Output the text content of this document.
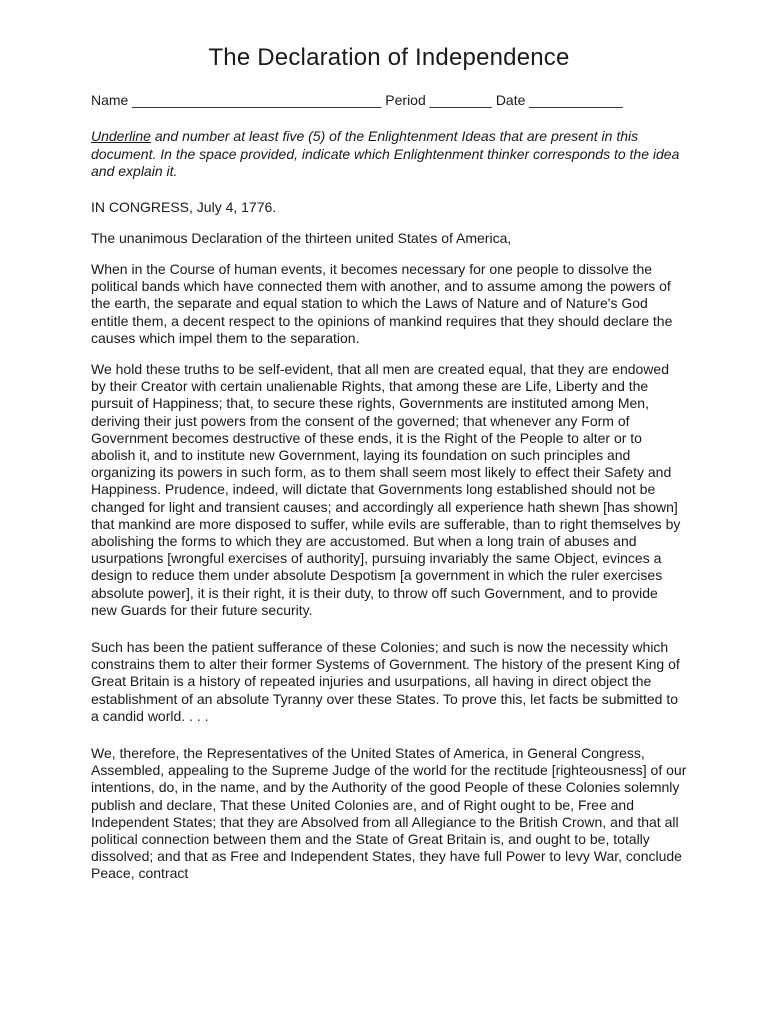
The Declaration of Independence
Name ________________________________ Period ________ Date ____________
Underline and number at least five (5) of the Enlightenment Ideas that are present in this document. In the space provided, indicate which Enlightenment thinker corresponds to the idea and explain it.

IN CONGRESS, July 4, 1776.

The unanimous Declaration of the thirteen united States of America,

When in the Course of human events, it becomes necessary for one people to dissolve the political bands which have connected them with another, and to assume among the powers of the earth, the separate and equal station to which the Laws of Nature and of Nature's God entitle them, a decent respect to the opinions of mankind requires that they should declare the causes which impel them to the separation.

We hold these truths to be self-evident, that all men are created equal, that they are endowed by their Creator with certain unalienable Rights, that among these are Life, Liberty and the pursuit of Happiness; that, to secure these rights, Governments are instituted among Men, deriving their just powers from the consent of the governed; that whenever any Form of Government becomes destructive of these ends, it is the Right of the People to alter or to abolish it, and to institute new Government, laying its foundation on such principles and organizing its powers in such form, as to them shall seem most likely to effect their Safety and Happiness. Prudence, indeed, will dictate that Governments long established should not be changed for light and transient causes; and accordingly all experience hath shewn [has shown] that mankind are more disposed to suffer, while evils are sufferable, than to right themselves by abolishing the forms to which they are accustomed. But when a long train of abuses and usurpations [wrongful exercises of authority], pursuing invariably the same Object, evinces a design to reduce them under absolute Despotism [a government in which the ruler exercises absolute power], it is their right, it is their duty, to throw off such Government, and to provide new Guards for their future security.

Such has been the patient sufferance of these Colonies; and such is now the necessity which constrains them to alter their former Systems of Government. The history of the present King of Great Britain is a history of repeated injuries and usurpations, all having in direct object the establishment of an absolute Tyranny over these States. To prove this, let facts be submitted to a candid world. . . .

We, therefore, the Representatives of the United States of America, in General Congress, Assembled, appealing to the Supreme Judge of the world for the rectitude [righteousness] of our intentions, do, in the name, and by the Authority of the good People of these Colonies solemnly publish and declare, That these United Colonies are, and of Right ought to be, Free and Independent States; that they are Absolved from all Allegiance to the British Crown, and that all political connection between them and the State of Great Britain is, and ought to be, totally dissolved; and that as Free and Independent States, they have full Power to levy War, conclude Peace, contract
